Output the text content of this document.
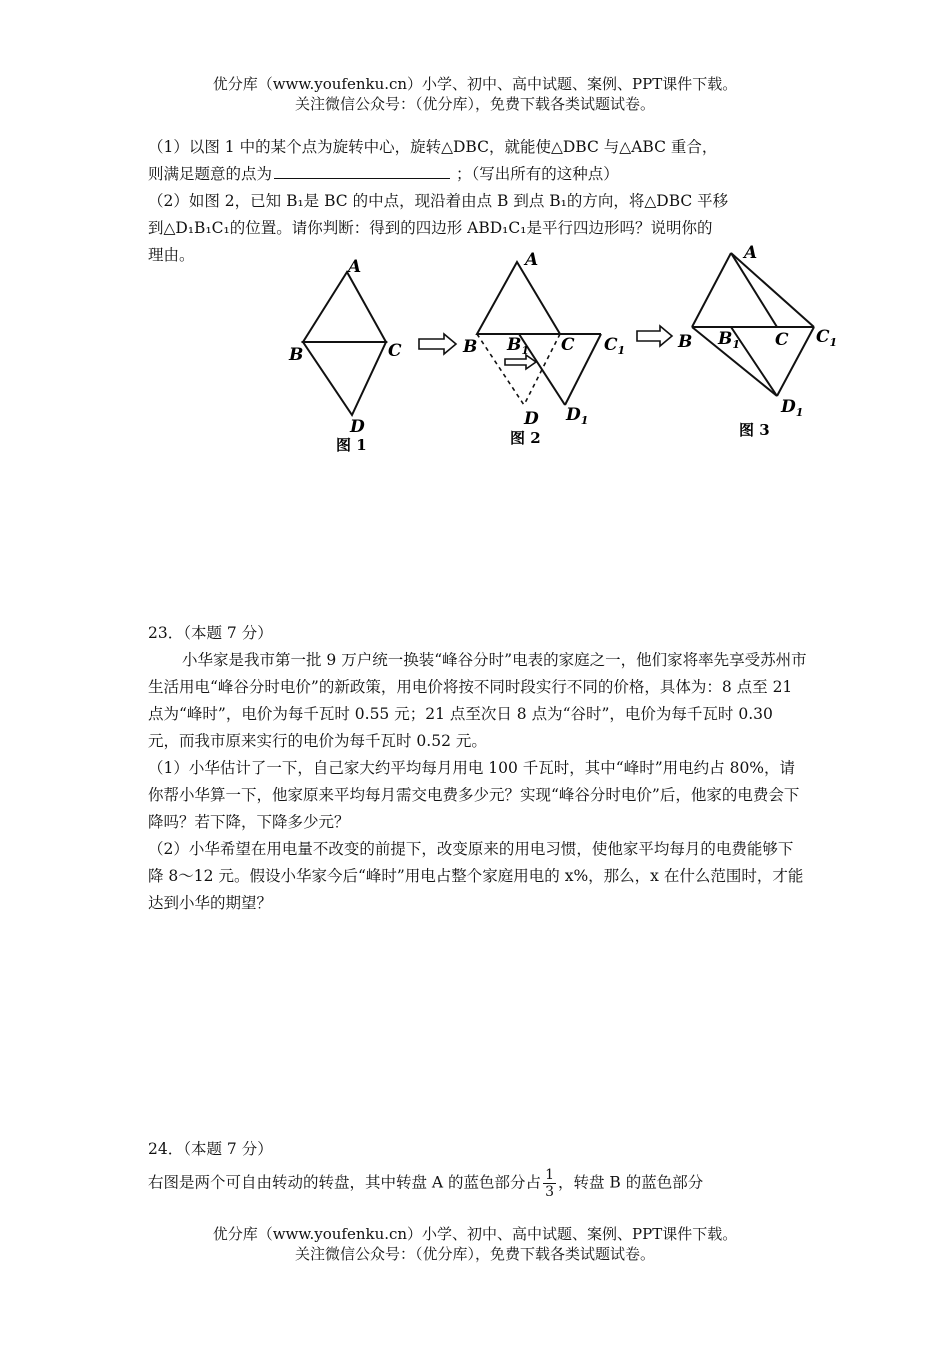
优分库（www.youfenku.cn）小学、初中、高中试题、案例、PPT课件下载。
关注微信公众号：（优分库），免费下载各类试题试卷。
（1）以图 1 中的某个点为旋转中心，旋转△DBC，就能使△DBC 与△ABC 重合，
则满足题意的点为	；（写出所有的这种点）
（2）如图 2，已知 B₁是 BC 的中点，现沿着由点 B 到点 B₁的方向，将△DBC 平移
到△D₁B₁C₁的位置。请你判断：得到的四边形 ABD₁C₁是平行四边形吗？说明你的
理由。
A
B	C
D
图 1
A
B $B_1$ C $C_1$
D $D_1$
图 2
A
B $B_1$ C $C_1$
$D_1$
图 3
23．（本题 7 分）
小华家是我市第一批 9 万户统一换装“峰谷分时”电表的家庭之一，他们家将率先享受苏州市生活用电“峰谷分时电价”的新政策，用电价将按不同时段实行不同的价格，具体为：8 点至 21 点为“峰时”，电价为每千瓦时 0.55 元；21 点至次日 8 点为“谷时”，电价为每千瓦时 0.30 元，而我市原来实行的电价为每千瓦时 0.52 元。
（1）小华估计了一下，自己家大约平均每月用电 100 千瓦时，其中“峰时”用电约占 80%，请你帮小华算一下，他家原来平均每月需交电费多少元？实现“峰谷分时电价”后，他家的电费会下降吗？若下降，下降多少元？
（2）小华希望在用电量不改变的前提下，改变原来的用电习惯，使他家平均每月的电费能够下降 8～12 元。假设小华家今后“峰时”用电占整个家庭用电的 x%，那么，x 在什么范围时，才能达到小华的期望？
24．（本题 7 分）
右图是两个可自由转动的转盘，其中转盘 A 的蓝色部分占 $\frac{1}{3}$ ，转盘 B 的蓝色部分
优分库（www.youfenku.cn）小学、初中、高中试题、案例、PPT课件下载。
关注微信公众号：（优分库），免费下载各类试题试卷。
